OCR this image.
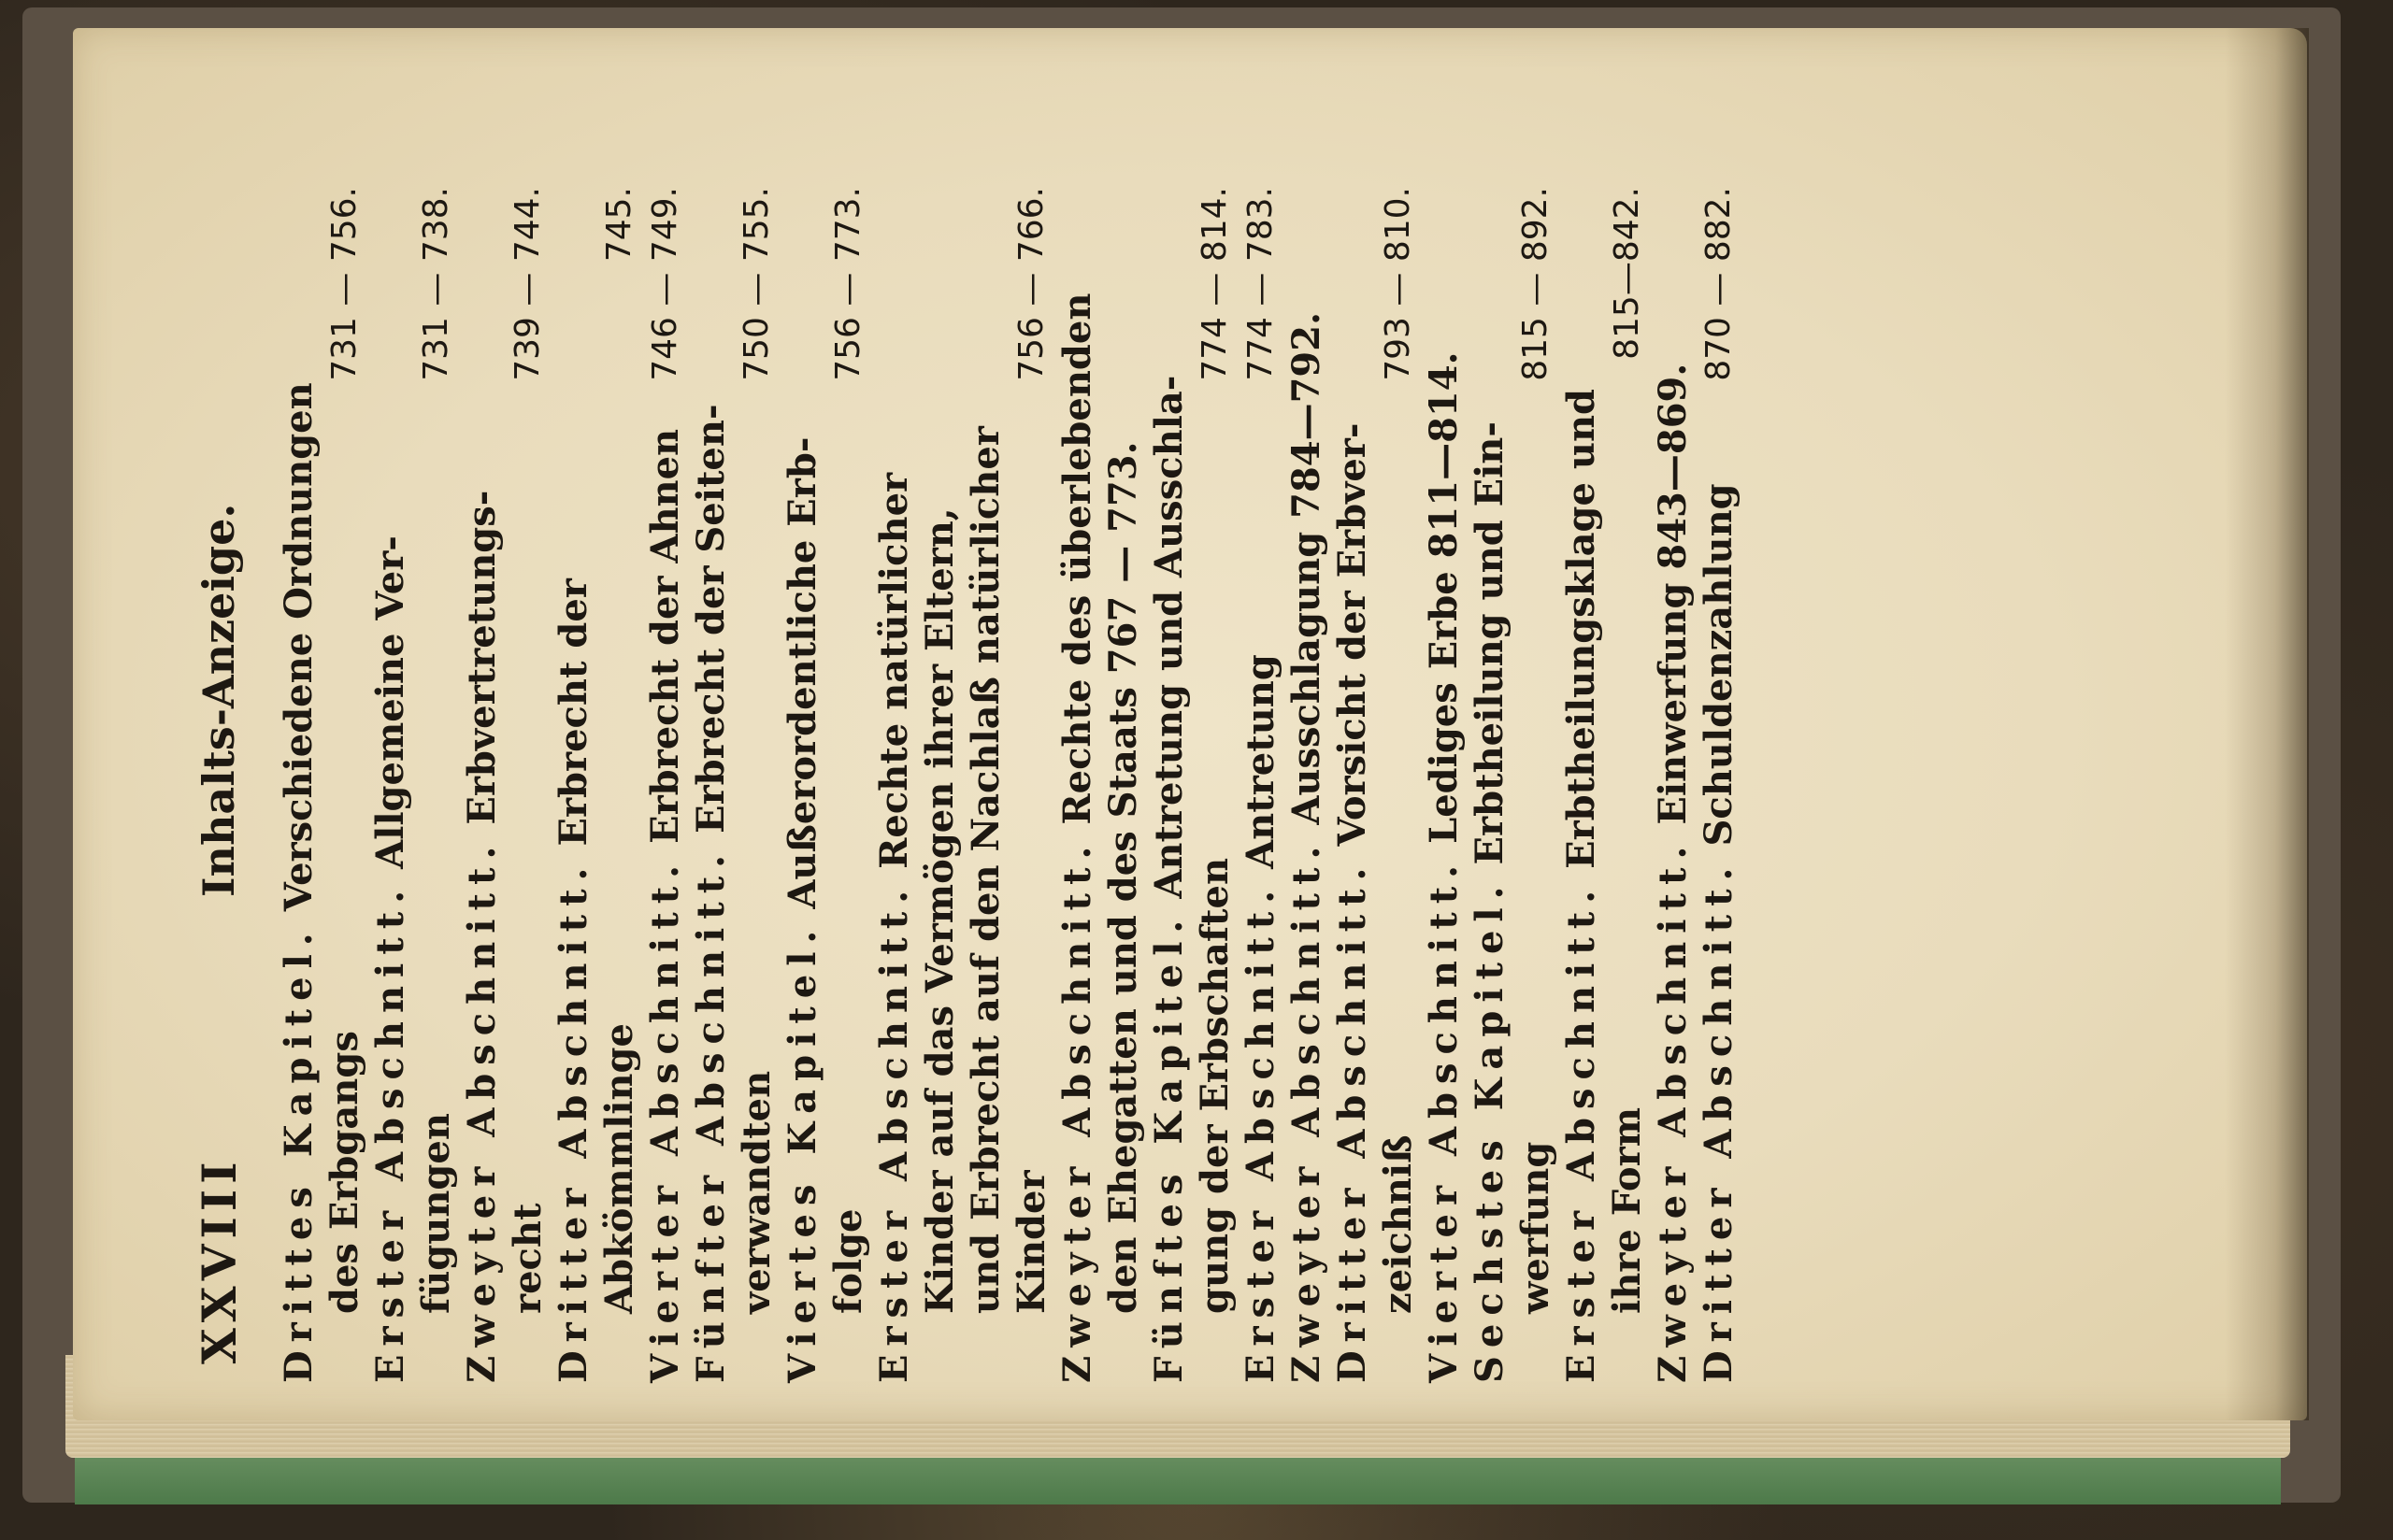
XXVIII
Inhalts-Anzeige.
Drittes Kapitel.Verschiedene Ordnungen
des Erbgangs
731 — 756.
Erster Abschnitt.Allgemeine Ver-
fügungen
731 — 738.
Zweyter Abschnitt.Erbvertretungs-
recht
739 — 744.
Dritter Abschnitt.Erbrecht der
Abkömmlinge
745.
Vierter Abschnitt.Erbrecht der Ahnen
746 — 749.
Fünfter Abschnitt.Erbrecht der Seiten-
verwandten
750 — 755.
Viertes Kapitel.Außerordentliche Erb-
folge
756 — 773.
Erster Abschnitt.Rechte natürlicher Kinder auf das Vermögen ihrer Eltern, und Erbrecht auf den Nachlaß natürlicher Kinder
756 — 766.
Zweyter Abschnitt.Rechte des überlebenden den Ehegatten und des Staats 767 — 773. Fünftes Kapitel.Antretung und Ausschla-
gung der Erbschaften
774 — 814.
Erster Abschnitt.Antretung
774 — 783.
Zweyter Abschnitt.Ausschlagung 784—792.
Dritter Abschnitt.Vorsicht der Erbver-
zeichniß
793 — 810.
Vierter Abschnitt.Lediges Erbe 811—814.
Sechstes Kapitel.Erbtheilung und Ein-
werfung
815 — 892.
Erster Abschnitt.Erbtheilungsklage und
ihre Form
815—842.
Zweyter Abschnitt.Einwerfung 843—869.
Dritter Abschnitt.Schuldenzahlung
870 — 882.
